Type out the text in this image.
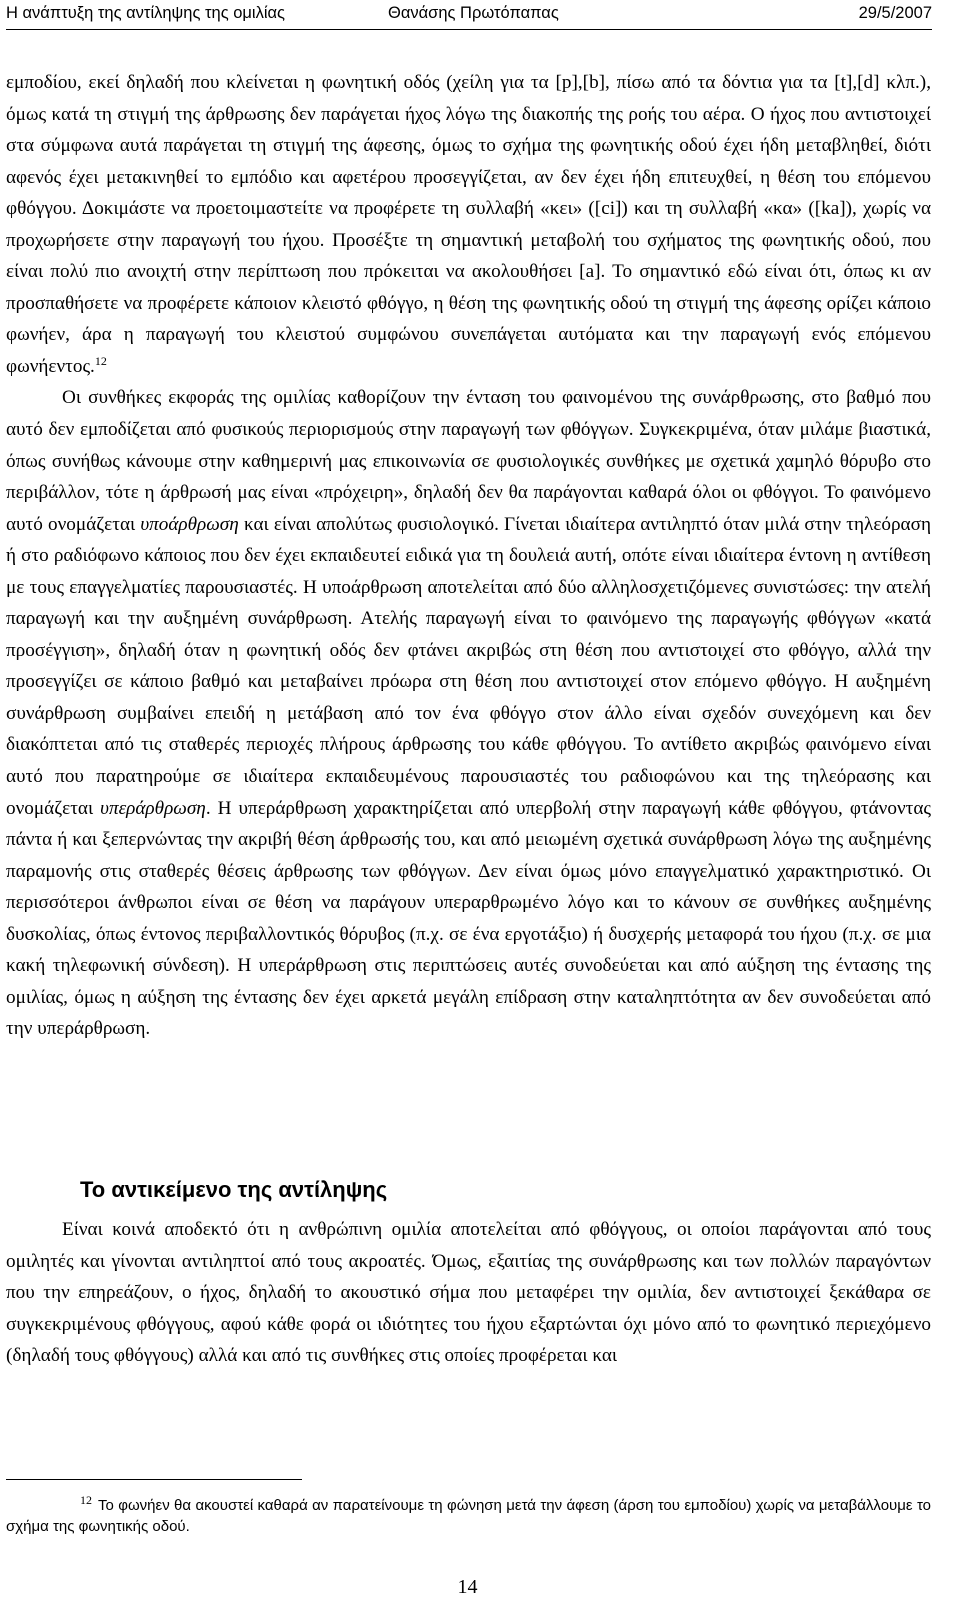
Η ανάπτυξη της αντίληψης της ομιλίας	Θανάσης Πρωτόπαπας	29/5/2007

εμποδίου, εκεί δηλαδή που κλείνεται η φωνητική οδός (χείλη για τα [p],[b], πίσω από τα δόντια για τα [t],[d] κλπ.), όμως κατά τη στιγμή της άρθρωσης δεν παράγεται ήχος λόγω της διακοπής της ροής του αέρα. Ο ήχος που αντιστοιχεί στα σύμφωνα αυτά παράγεται τη στιγμή της άφεσης, όμως το σχήμα της φωνητικής οδού έχει ήδη μεταβληθεί, διότι αφενός έχει μετακινηθεί το εμπόδιο και αφετέρου προσεγγίζεται, αν δεν έχει ήδη επιτευχθεί, η θέση του επόμενου φθόγγου. Δοκιμάστε να προετοιμαστείτε να προφέρετε τη συλλαβή «κει» ([ci]) και τη συλλαβή «κα» ([ka]), χωρίς να προχωρήσετε στην παραγωγή του ήχου. Προσέξτε τη σημαντική μεταβολή του σχήματος της φωνητικής οδού, που είναι πολύ πιο ανοιχτή στην περίπτωση που πρόκειται να ακολουθήσει [a]. Το σημαντικό εδώ είναι ότι, όπως κι αν προσπαθήσετε να προφέρετε κάποιον κλειστό φθόγγο, η θέση της φωνητικής οδού τη στιγμή της άφεσης ορίζει κάποιο φωνήεν, άρα η παραγωγή του κλειστού συμφώνου συνεπάγεται αυτόματα και την παραγωγή ενός επόμενου φωνήεντος.$^{12}$

Οι συνθήκες εκφοράς της ομιλίας καθορίζουν την ένταση του φαινομένου της συνάρθρωσης, στο βαθμό που αυτό δεν εμποδίζεται από φυσικούς περιορισμούς στην παραγωγή των φθόγγων. Συγκεκριμένα, όταν μιλάμε βιαστικά, όπως συνήθως κάνουμε στην καθημερινή μας επικοινωνία σε φυσιολογικές συνθήκες με σχετικά χαμηλό θόρυβο στο περιβάλλον, τότε η άρθρωσή μας είναι «πρόχειρη», δηλαδή δεν θα παράγονται καθαρά όλοι οι φθόγγοι. Το φαινόμενο αυτό ονομάζεται υποάρθρωση και είναι απολύτως φυσιολογικό. Γίνεται ιδιαίτερα αντιληπτό όταν μιλά στην τηλεόραση ή στο ραδιόφωνο κάποιος που δεν έχει εκπαιδευτεί ειδικά για τη δουλειά αυτή, οπότε είναι ιδιαίτερα έντονη η αντίθεση με τους επαγγελματίες παρουσιαστές. Η υποάρθρωση αποτελείται από δύο αλληλοσχετιζόμενες συνιστώσες: την ατελή παραγωγή και την αυξημένη συνάρθρωση. Ατελής παραγωγή είναι το φαινόμενο της παραγωγής φθόγγων «κατά προσέγγιση», δηλαδή όταν η φωνητική οδός δεν φτάνει ακριβώς στη θέση που αντιστοιχεί στο φθόγγο, αλλά την προσεγγίζει σε κάποιο βαθμό και μεταβαίνει πρόωρα στη θέση που αντιστοιχεί στον επόμενο φθόγγο. Η αυξημένη συνάρθρωση συμβαίνει επειδή η μετάβαση από τον ένα φθόγγο στον άλλο είναι σχεδόν συνεχόμενη και δεν διακόπτεται από τις σταθερές περιοχές πλήρους άρθρωσης του κάθε φθόγγου. Το αντίθετο ακριβώς φαινόμενο είναι αυτό που παρατηρούμε σε ιδιαίτερα εκπαιδευμένους παρουσιαστές του ραδιοφώνου και της τηλεόρασης και ονομάζεται υπεράρθρωση. Η υπεράρθρωση χαρακτηρίζεται από υπερβολή στην παραγωγή κάθε φθόγγου, φτάνοντας πάντα ή και ξεπερνώντας την ακριβή θέση άρθρωσής του, και από μειωμένη σχετικά συνάρθρωση λόγω της αυξημένης παραμονής στις σταθερές θέσεις άρθρωσης των φθόγγων. Δεν είναι όμως μόνο επαγγελματικό χαρακτηριστικό. Οι περισσότεροι άνθρωποι είναι σε θέση να παράγουν υπεραρθρωμένο λόγο και το κάνουν σε συνθήκες αυξημένης δυσκολίας, όπως έντονος περιβαλλοντικός θόρυβος (π.χ. σε ένα εργοτάξιο) ή δυσχερής μεταφορά του ήχου (π.χ. σε μια κακή τηλεφωνική σύνδεση). Η υπεράρθρωση στις περιπτώσεις αυτές συνοδεύεται και από αύξηση της έντασης της ομιλίας, όμως η αύξηση της έντασης δεν έχει αρκετά μεγάλη επίδραση στην καταληπτότητα αν δεν συνοδεύεται από την υπεράρθρωση.

Το αντικείμενο της αντίληψης

Είναι κοινά αποδεκτό ότι η ανθρώπινη ομιλία αποτελείται από φθόγγους, οι οποίοι παράγονται από τους ομιλητές και γίνονται αντιληπτοί από τους ακροατές. Όμως, εξαιτίας της συνάρθρωσης και των πολλών παραγόντων που την επηρεάζουν, ο ήχος, δηλαδή το ακουστικό σήμα που μεταφέρει την ομιλία, δεν αντιστοιχεί ξεκάθαρα σε συγκεκριμένους φθόγγους, αφού κάθε φορά οι ιδιότητες του ήχου εξαρτώνται όχι μόνο από το φωνητικό περιεχόμενο (δηλαδή τους φθόγγους) αλλά και από τις συνθήκες στις οποίες προφέρεται και

$^{12}$ Το φωνήεν θα ακουστεί καθαρά αν παρατείνουμε τη φώνηση μετά την άφεση (άρση του εμποδίου) χωρίς να μεταβάλλουμε το σχήμα της φωνητικής οδού.

14
